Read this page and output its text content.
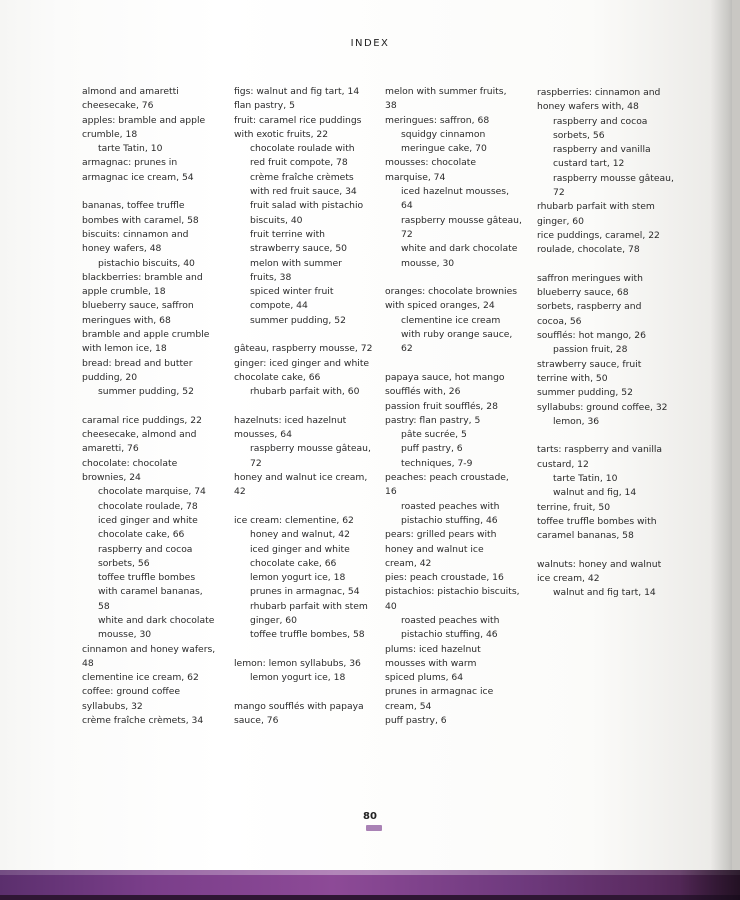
INDEX
almond and amaretti
cheesecake, 76
apples: bramble and apple
crumble, 18
tarte Tatin, 10
armagnac: prunes in
armagnac ice cream, 54
bananas, toffee truffle
bombes with caramel, 58
biscuits: cinnamon and
honey wafers, 48
pistachio biscuits, 40
blackberries: bramble and
apple crumble, 18
blueberry sauce, saffron
meringues with, 68
bramble and apple crumble
with lemon ice, 18
bread: bread and butter
pudding, 20
summer pudding, 52
caramal rice puddings, 22
cheesecake, almond and
amaretti, 76
chocolate: chocolate
brownies, 24
chocolate marquise, 74
chocolate roulade, 78
iced ginger and white
chocolate cake, 66
raspberry and cocoa
sorbets, 56
toffee truffle bombes
with caramel bananas,
58
white and dark chocolate
mousse, 30
cinnamon and honey wafers,
48
clementine ice cream, 62
coffee: ground coffee
syllabubs, 32
crème fraîche crèmets, 34
figs: walnut and fig tart, 14
flan pastry, 5
fruit: caramel rice puddings
with exotic fruits, 22
chocolate roulade with
red fruit compote, 78
crème fraîche crèmets
with red fruit sauce, 34
fruit salad with pistachio
biscuits, 40
fruit terrine with
strawberry sauce, 50
melon with summer
fruits, 38
spiced winter fruit
compote, 44
summer pudding, 52
gâteau, raspberry mousse, 72
ginger: iced ginger and white
chocolate cake, 66
rhubarb parfait with, 60
hazelnuts: iced hazelnut
mousses, 64
raspberry mousse gâteau,
72
honey and walnut ice cream,
42
ice cream: clementine, 62
honey and walnut, 42
iced ginger and white
chocolate cake, 66
lemon yogurt ice, 18
prunes in armagnac, 54
rhubarb parfait with stem
ginger, 60
toffee truffle bombes, 58
lemon: lemon syllabubs, 36
lemon yogurt ice, 18
mango soufflés with papaya
sauce, 76
melon with summer fruits,
38
meringues: saffron, 68
squidgy cinnamon
meringue cake, 70
mousses: chocolate
marquise, 74
iced hazelnut mousses,
64
raspberry mousse gâteau,
72
white and dark chocolate
mousse, 30
oranges: chocolate brownies
with spiced oranges, 24
clementine ice cream
with ruby orange sauce,
62
papaya sauce, hot mango
soufflés with, 26
passion fruit soufflés, 28
pastry: flan pastry, 5
pâte sucrée, 5
puff pastry, 6
techniques, 7-9
peaches: peach croustade,
16
roasted peaches with
pistachio stuffing, 46
pears: grilled pears with
honey and walnut ice
cream, 42
pies: peach croustade, 16
pistachios: pistachio biscuits,
40
roasted peaches with
pistachio stuffing, 46
plums: iced hazelnut
mousses with warm
spiced plums, 64
prunes in armagnac ice
cream, 54
puff pastry, 6
raspberries: cinnamon and
honey wafers with, 48
raspberry and cocoa
sorbets, 56
raspberry and vanilla
custard tart, 12
raspberry mousse gâteau,
72
rhubarb parfait with stem
ginger, 60
rice puddings, caramel, 22
roulade, chocolate, 78
saffron meringues with
blueberry sauce, 68
sorbets, raspberry and
cocoa, 56
soufflés: hot mango, 26
passion fruit, 28
strawberry sauce, fruit
terrine with, 50
summer pudding, 52
syllabubs: ground coffee, 32
lemon, 36
tarts: raspberry and vanilla
custard, 12
tarte Tatin, 10
walnut and fig, 14
terrine, fruit, 50
toffee truffle bombes with
caramel bananas, 58
walnuts: honey and walnut
ice cream, 42
walnut and fig tart, 14
80
